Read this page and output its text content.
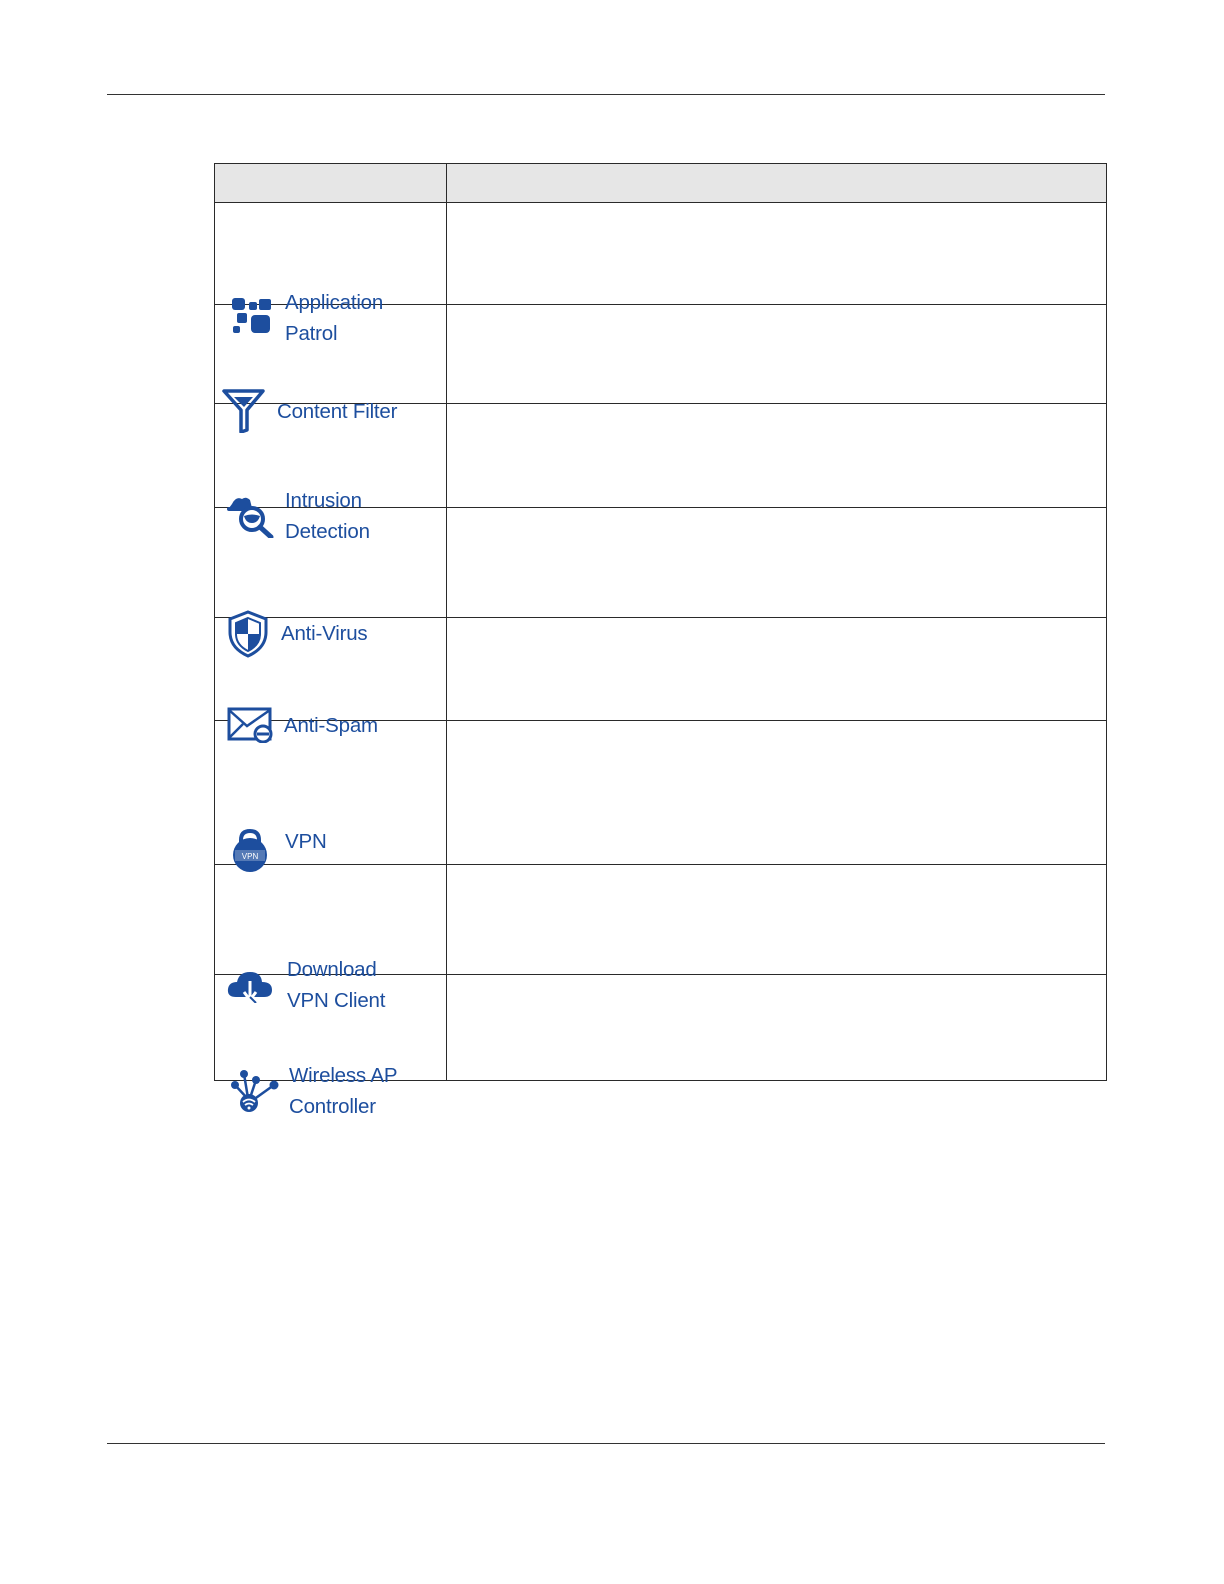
Application
Patrol	

Content Filter	

Intrusion
Detection	

Anti-Virus	

Anti-Spam	

VPN
VPN	

Download
VPN Client	

Wireless AP
Controller	
